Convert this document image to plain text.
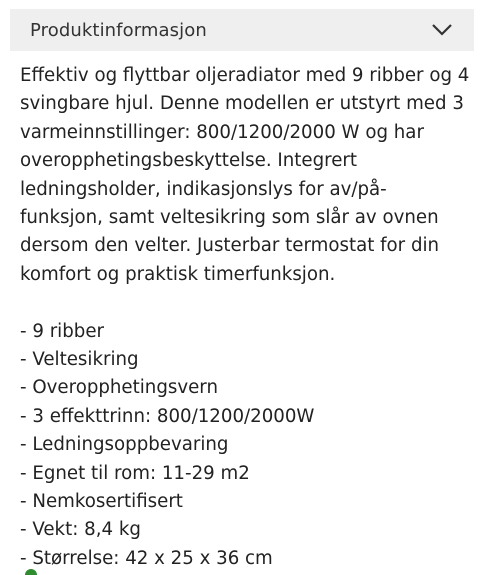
Produktinformasjon
Effektiv og flyttbar oljeradiator med 9 ribber og 4
svingbare hjul. Denne modellen er utstyrt med 3
varmeinnstillinger: 800/1200/2000 W og har
overopphetingsbeskyttelse. Integrert
ledningsholder, indikasjonslys for av/på-
funksjon, samt veltesikring som slår av ovnen
dersom den velter. Justerbar termostat for din
komfort og praktisk timerfunksjon.
- 9 ribber
- Veltesikring
- Overopphetingsvern
- 3 effekttrinn: 800/1200/2000W
- Ledningsoppbevaring
- Egnet til rom: 11-29 m2
- Nemkosertifisert
- Vekt: 8,4 kg
- Størrelse: 42 x 25 x 36 cm
